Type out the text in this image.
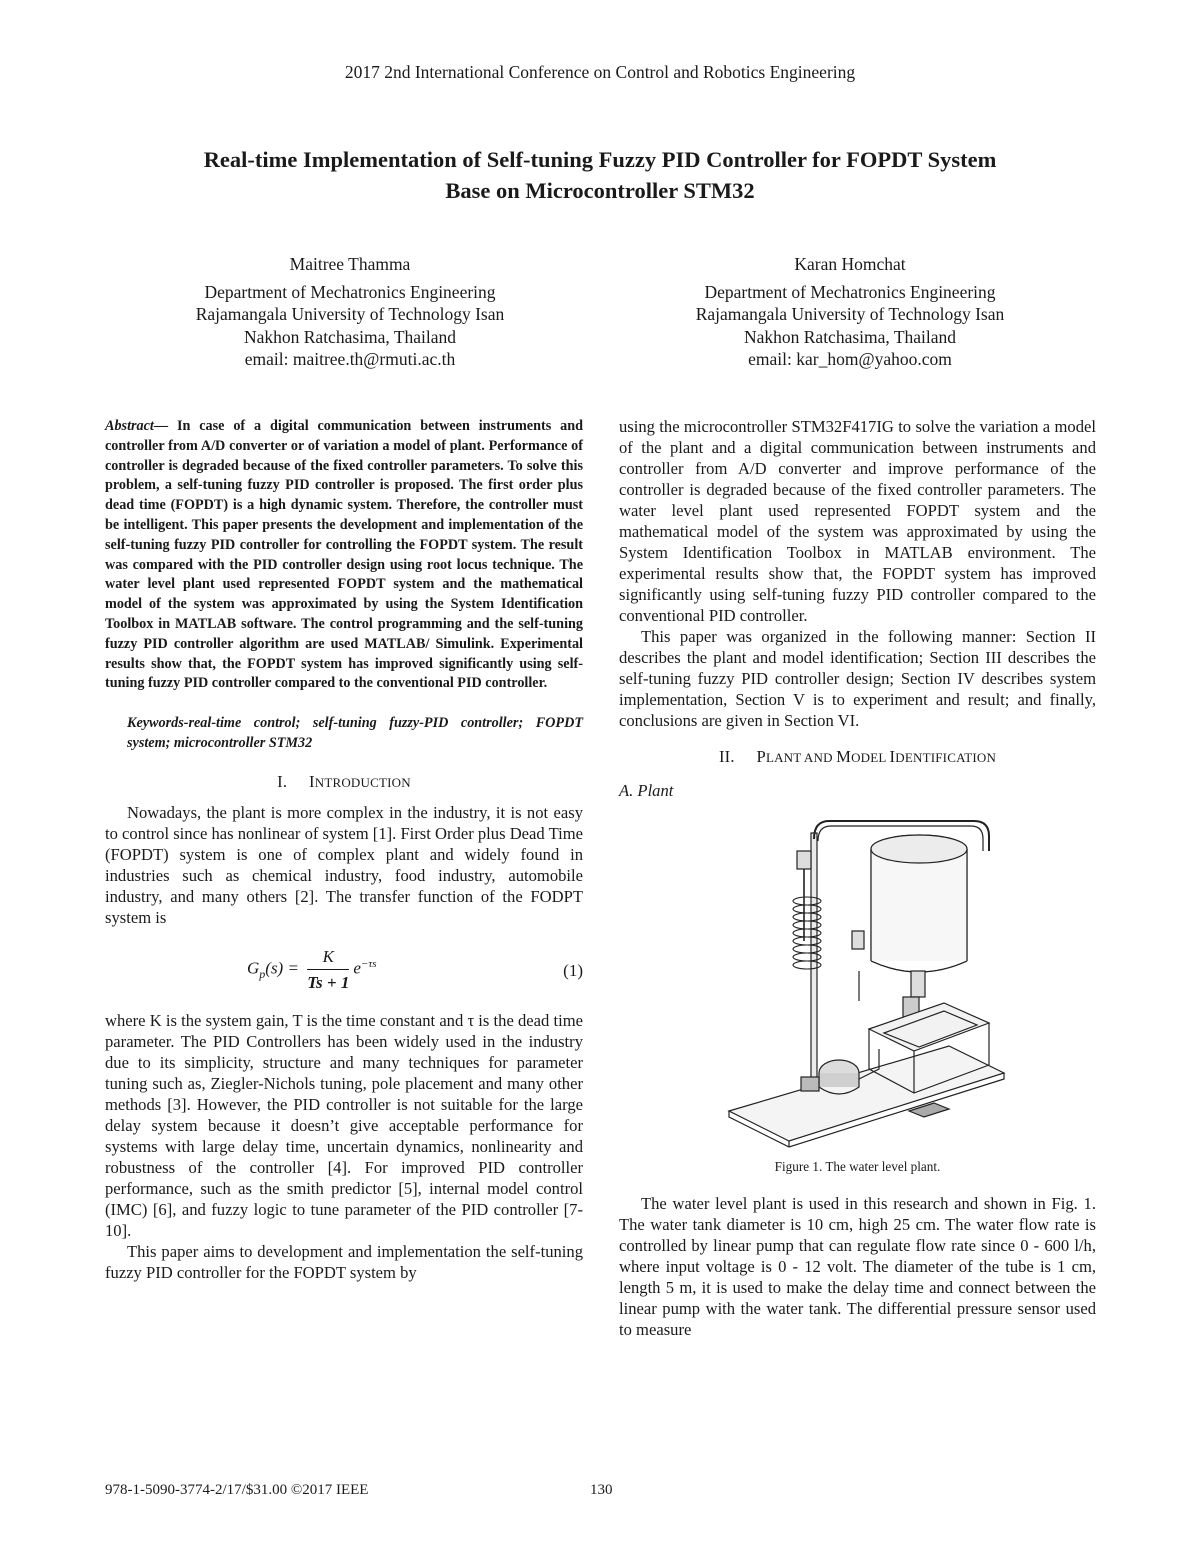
2017 2nd International Conference on Control and Robotics Engineering
Real-time Implementation of Self-tuning Fuzzy PID Controller for FOPDT System
Base on Microcontroller STM32
Maitree Thamma
Department of Mechatronics Engineering
Rajamangala University of Technology Isan
Nakhon Ratchasima, Thailand
email: maitree.th@rmuti.ac.th
Karan Homchat
Department of Mechatronics Engineering
Rajamangala University of Technology Isan
Nakhon Ratchasima, Thailand
email: kar_hom@yahoo.com
Abstract— In case of a digital communication between instruments and controller from A/D converter or of variation a model of plant. Performance of controller is degraded because of the fixed controller parameters. To solve this problem, a self-tuning fuzzy PID controller is proposed. The first order plus dead time (FOPDT) is a high dynamic system. Therefore, the controller must be intelligent. This paper presents the development and implementation of the self-tuning fuzzy PID controller for controlling the FOPDT system. The result was compared with the PID controller design using root locus technique. The water level plant used represented FOPDT system and the mathematical model of the system was approximated by using the System Identification Toolbox in MATLAB software. The control programming and the self-tuning fuzzy PID controller algorithm are used MATLAB/ Simulink. Experimental results show that, the FOPDT system has improved significantly using self-tuning fuzzy PID controller compared to the conventional PID controller.
Keywords-real-time control; self-tuning fuzzy-PID controller; FOPDT system; microcontroller STM32
I. INTRODUCTION

Nowadays, the plant is more complex in the industry, it is not easy to control since has nonlinear of system [1]. First Order plus Dead Time (FOPDT) system is one of complex plant and widely found in industries such as chemical industry, food industry, automobile industry, and many others [2]. The transfer function of the FODPT system is

$G_p(s) = \frac{K}{Ts + 1} e^{-\tau s}$	(1)

where K is the system gain, T is the time constant and τ is the dead time parameter. The PID Controllers has been widely used in the industry due to its simplicity, structure and many techniques for parameter tuning such as, Ziegler-Nichols tuning, pole placement and many other methods [3]. However, the PID controller is not suitable for the large delay system because it doesn’t give acceptable performance for systems with large delay time, uncertain dynamics, nonlinearity and robustness of the controller [4]. For improved PID controller performance, such as the smith predictor [5], internal model control (IMC) [6], and fuzzy logic to tune parameter of the PID controller [7-10].

This paper aims to development and implementation the self-tuning fuzzy PID controller for the FOPDT system by

using the microcontroller STM32F417IG to solve the variation a model of the plant and a digital communication between instruments and controller from A/D converter and improve performance of the controller is degraded because of the fixed controller parameters. The water level plant used represented FOPDT system and the mathematical model of the system was approximated by using the System Identification Toolbox in MATLAB environment. The experimental results show that, the FOPDT system has improved significantly using self-tuning fuzzy PID controller compared to the conventional PID controller.

This paper was organized in the following manner: Section II describes the plant and model identification; Section III describes the self-tuning fuzzy PID controller design; Section IV describes system implementation, Section V is to experiment and result; and finally, conclusions are given in Section VI.

II. PLANT AND MODEL IDENTIFICATION
A. Plant
Figure 1. The water level plant.

The water level plant is used in this research and shown in Fig. 1. The water tank diameter is 10 cm, high 25 cm. The water flow rate is controlled by linear pump that can regulate flow rate since 0 - 600 l/h, where input voltage is 0 - 12 volt. The diameter of the tube is 1 cm, length 5 m, it is used to make the delay time and connect between the linear pump with the water tank. The differential pressure sensor used to measure

978-1-5090-3774-2/17/$31.00 ©2017 IEEE	130
